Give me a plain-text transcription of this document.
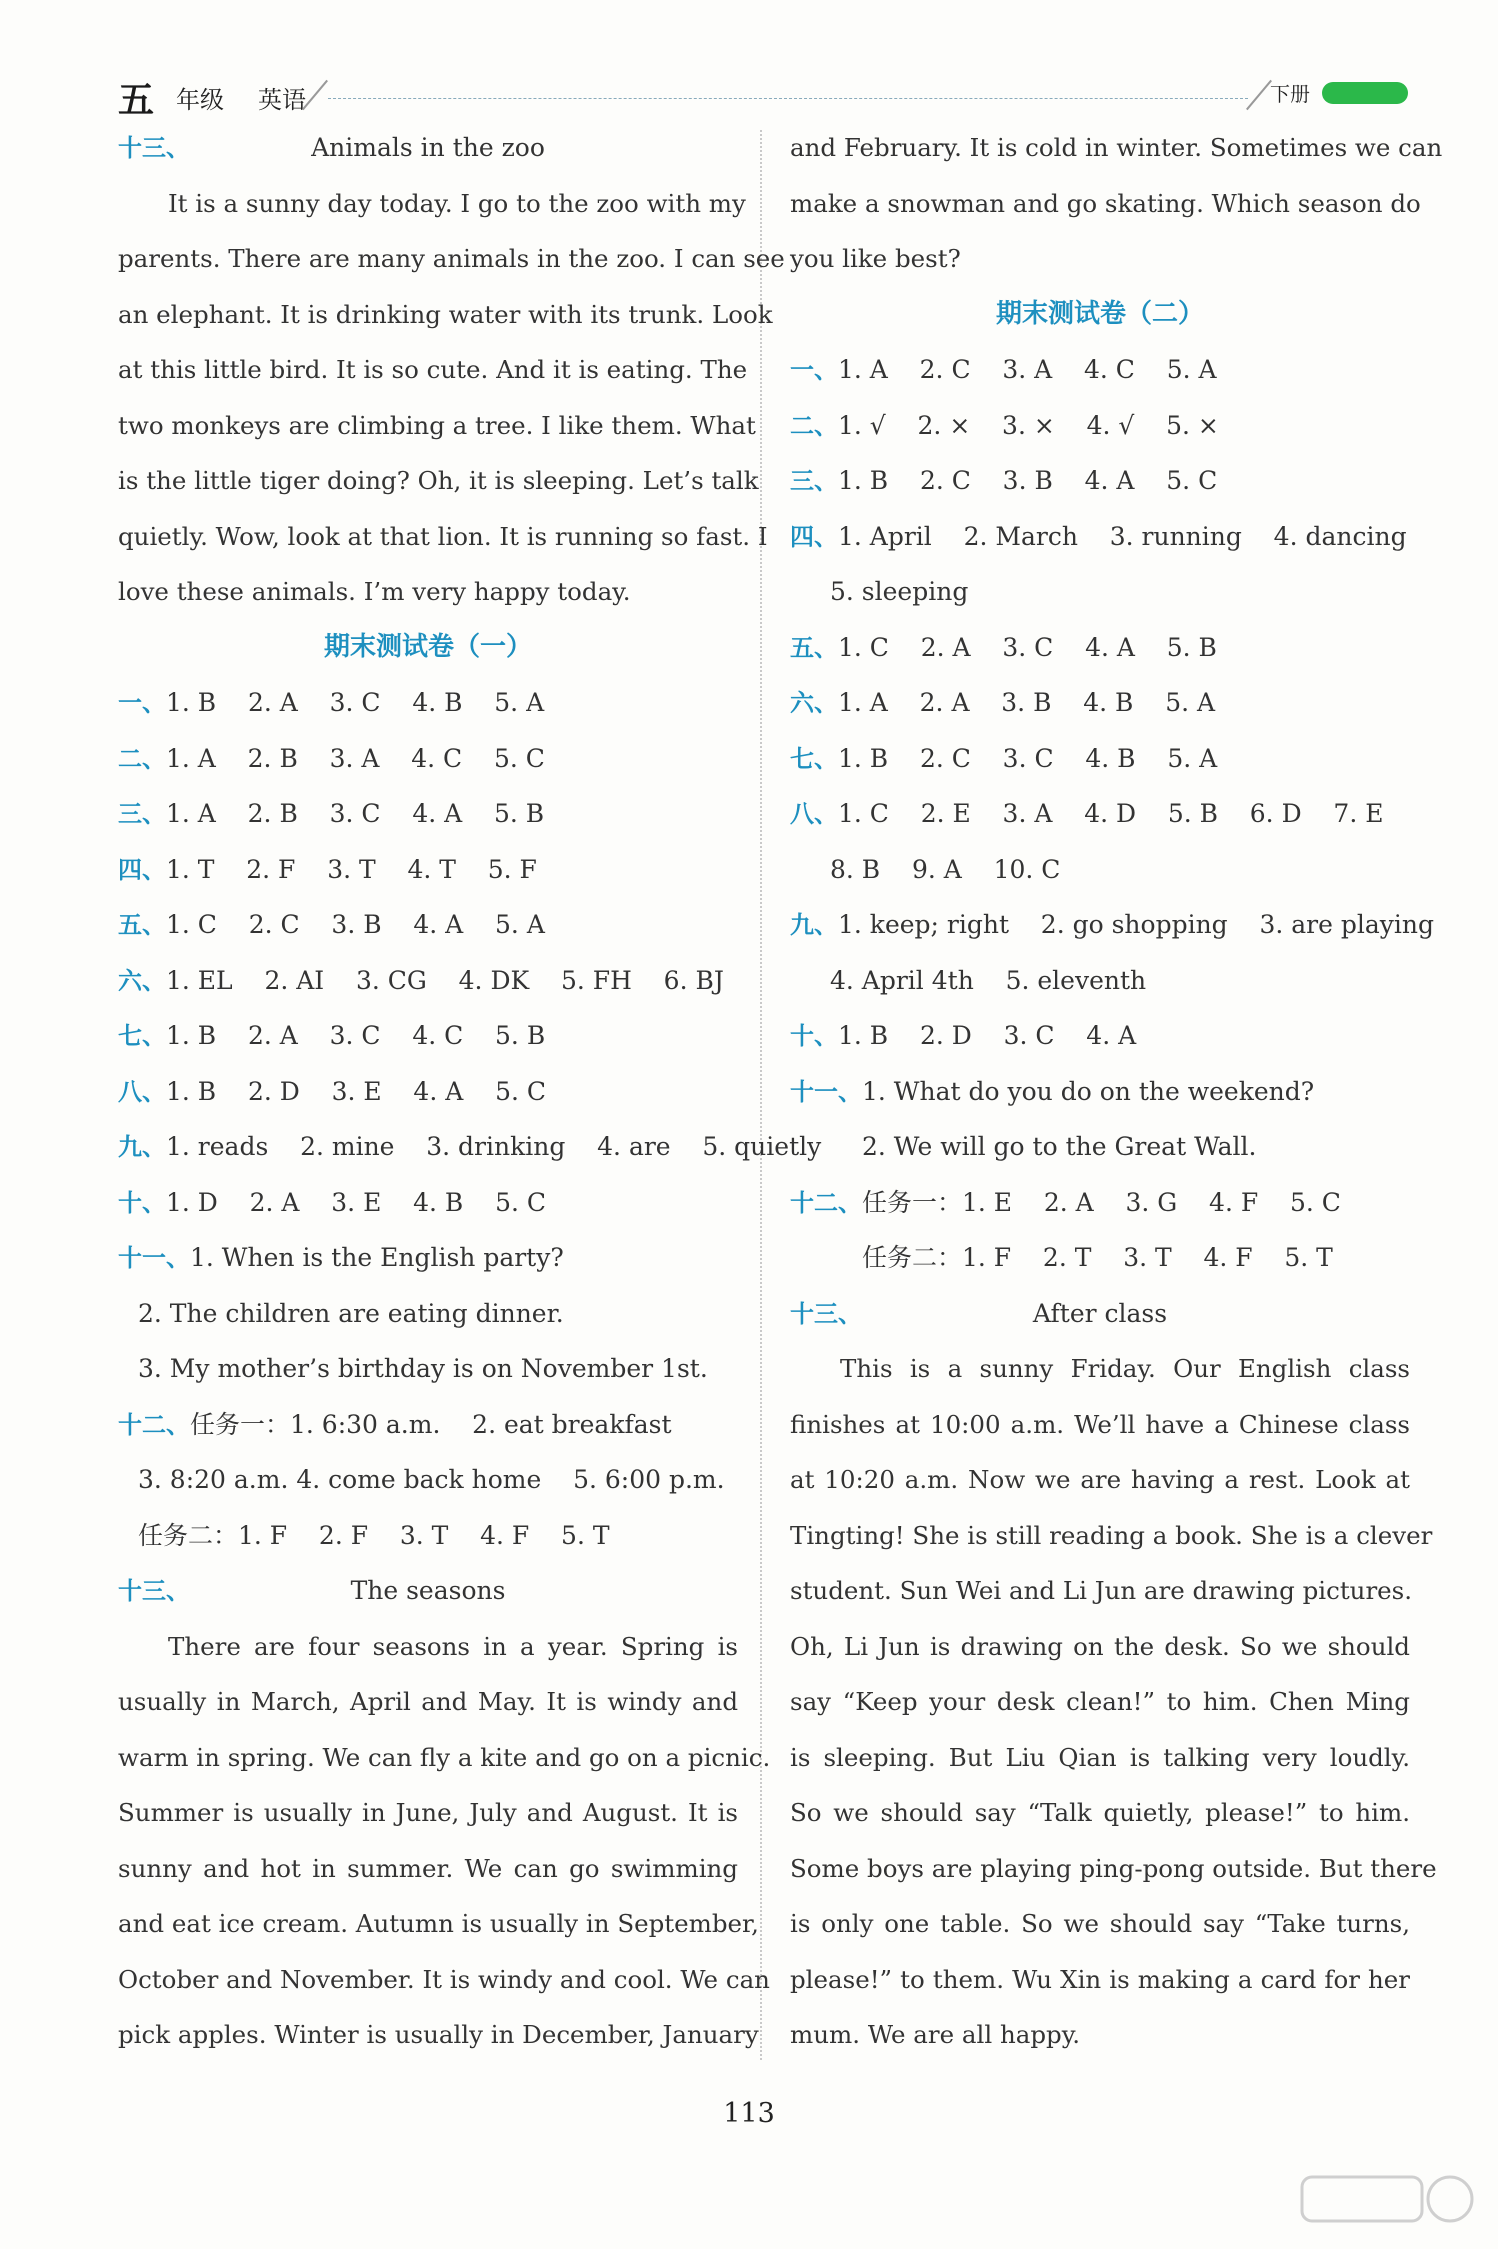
五 年级 英语	下册
十三、	Animals in the zoo
It is a sunny day today. I go to the zoo with my
parents. There are many animals in the zoo. I can see
an elephant. It is drinking water with its trunk. Look
at this little bird. It is so cute. And it is eating. The
two monkeys are climbing a tree. I like them. What
is the little tiger doing? Oh, it is sleeping. Let’s talk
quietly. Wow, look at that lion. It is running so fast. I
love these animals. I’m very happy today.
期末测试卷（一）
一、1. B    2. A    3. C    4. B    5. A
二、1. A    2. B    3. A    4. C    5. C
三、1. A    2. B    3. C    4. A    5. B
四、1. T    2. F    3. T    4. T    5. F
五、1. C    2. C    3. B    4. A    5. A
六、1. EL    2. AI    3. CG    4. DK    5. FH    6. BJ
七、1. B    2. A    3. C    4. C    5. B
八、1. B    2. D    3. E    4. A    5. C
九、1. reads    2. mine    3. drinking    4. are    5. quietly
十、1. D    2. A    3. E    4. B    5. C
十一、1. When is the English party?
2. The children are eating dinner.
3. My mother’s birthday is on November 1st.
十二、任务一：1. 6:30 a.m.    2. eat breakfast
3. 8:20 a.m. 4. come back home    5. 6:00 p.m.
任务二：1. F    2. F    3. T    4. F    5. T
十三、	The seasons
There are four seasons in a year. Spring is
usually in March, April and May. It is windy and
warm in spring. We can fly a kite and go on a picnic.
Summer is usually in June, July and August. It is
sunny and hot in summer. We can go swimming
and eat ice cream. Autumn is usually in September,
October and November. It is windy and cool. We can
pick apples. Winter is usually in December, January
and February. It is cold in winter. Sometimes we can
make a snowman and go skating. Which season do
you like best?
期末测试卷（二）
一、1. A    2. C    3. A    4. C    5. A
二、1. √    2. ×    3. ×    4. √    5. ×
三、1. B    2. C    3. B    4. A    5. C
四、1. April    2. March    3. running    4. dancing
5. sleeping
五、1. C    2. A    3. C    4. A    5. B
六、1. A    2. A    3. B    4. B    5. A
七、1. B    2. C    3. C    4. B    5. A
八、1. C    2. E    3. A    4. D    5. B    6. D    7. E
8. B    9. A    10. C
九、1. keep; right    2. go shopping    3. are playing
4. April 4th    5. eleventh
十、1. B    2. D    3. C    4. A
十一、1. What do you do on the weekend?
2. We will go to the Great Wall.
十二、任务一：1. E    2. A    3. G    4. F    5. C
任务二：1. F    2. T    3. T    4. F    5. T
十三、	After class
This is a sunny Friday. Our English class
finishes at 10:00 a.m. We’ll have a Chinese class
at 10:20 a.m. Now we are having a rest. Look at
Tingting! She is still reading a book. She is a clever
student. Sun Wei and Li Jun are drawing pictures.
Oh, Li Jun is drawing on the desk. So we should
say “Keep your desk clean!” to him. Chen Ming
is sleeping. But Liu Qian is talking very loudly.
So we should say “Talk quietly, please!” to him.
Some boys are playing ping-pong outside. But there
is only one table. So we should say “Take turns,
please!” to them. Wu Xin is making a card for her
mum. We are all happy.
113
